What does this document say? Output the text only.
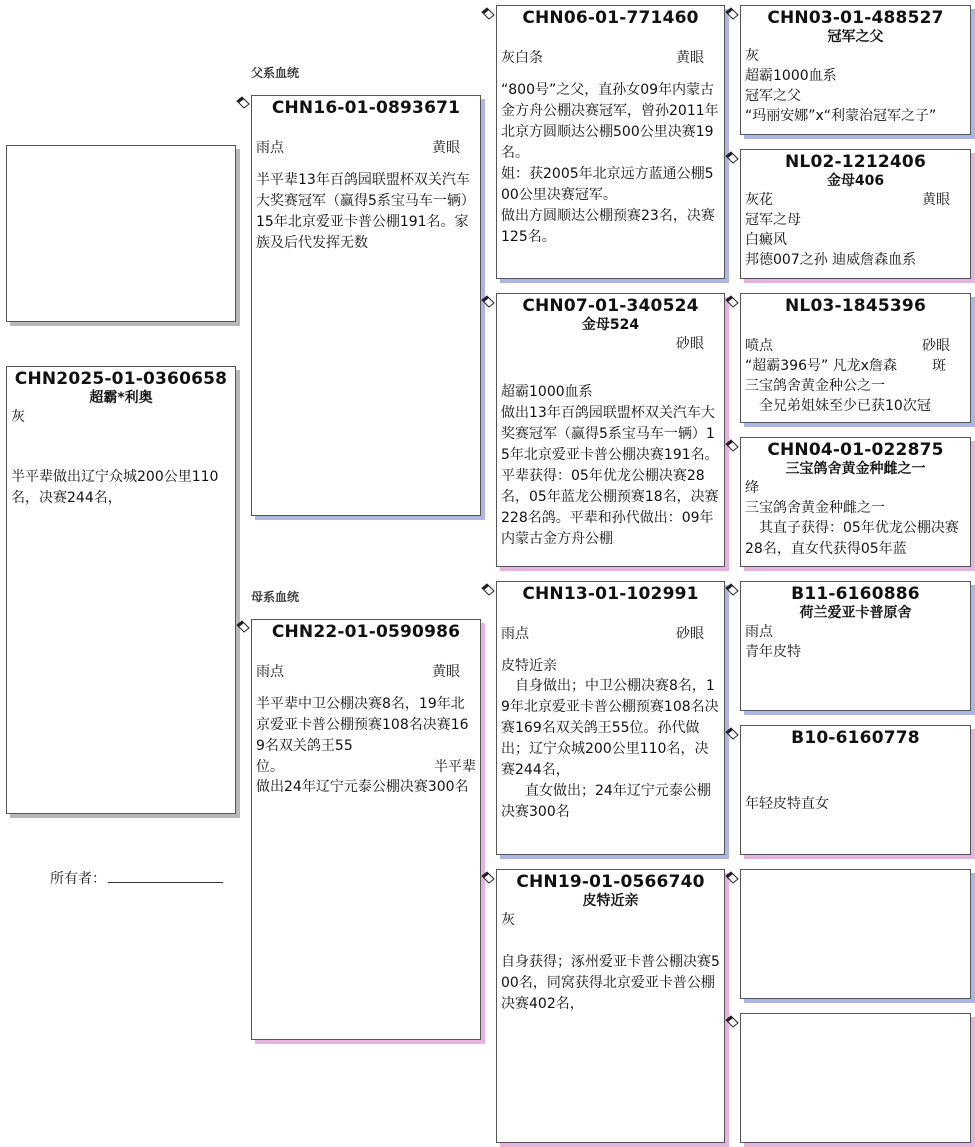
父系血统
母系血统
CHN2025-01-0360658
超霸*利奥
灰
半平辈做出辽宁众城200公里110名，决赛244名，
所有者：
CHN16-01-0893671
雨点	黄眼
半平辈13年百鸽园联盟杯双关汽车大奖赛冠军（赢得5系宝马车一辆）15年北京爱亚卡普公棚191名。家族及后代发挥无数
CHN22-01-0590986
雨点	黄眼
半平辈中卫公棚决赛8名，19年北京爱亚卡普公棚预赛108名决赛169名双关鸽王55
位。	半平辈
做出24年辽宁元泰公棚决赛300名
CHN06-01-771460
灰白条	黄眼
“800号”之父，直孙女09年内蒙古金方舟公棚决赛冠军，曾孙2011年北京方圆顺达公棚500公里决赛19名。
姐：获2005年北京远方蓝通公棚500公里决赛冠军。
做出方圆顺达公棚预赛23名，决赛125名。
CHN07-01-340524
金母524
砂眼
超霸1000血系
做出13年百鸽园联盟杯双关汽车大奖赛冠军（赢得5系宝马车一辆）15年北京爱亚卡普公棚决赛191名。
平辈获得：05年优龙公棚决赛28名，05年蓝龙公棚预赛18名，决赛228名鸽。平辈和孙代做出：09年内蒙古金方舟公棚
CHN13-01-102991
雨点	砂眼
皮特近亲
自身做出；中卫公棚决赛8名，19年北京爱亚卡普公棚预赛108名决赛169名双关鸽王55位。孙代做出；辽宁众城200公里110名，决赛244名，
直女做出；24年辽宁元泰公棚决赛300名
CHN19-01-0566740
皮特近亲
灰
自身获得；涿州爱亚卡普公棚决赛500名，同窝获得北京爱亚卡普公棚决赛402名，
CHN03-01-488527
冠军之父
灰
超霸1000血系
冠军之父
“玛丽安娜”x“利蒙治冠军之子”
NL02-1212406
金母406
灰花	黄眼
冠军之母
白癜风
邦德007之孙 迪威詹森血系
NL03-1845396
喷点	砂眼
“超霸396号” 凡龙x詹森	斑
三宝鸽舍黄金种公之一
全兄弟姐妹至少已获10次冠
CHN04-01-022875
三宝鸽舍黄金种雌之一
绛
三宝鸽舍黄金种雌之一
其直子获得：05年优龙公棚决赛28名，直女代获得05年蓝
B11-6160886
荷兰爱亚卡普原舍
雨点
青年皮特
B10-6160778
年轻皮特直女
